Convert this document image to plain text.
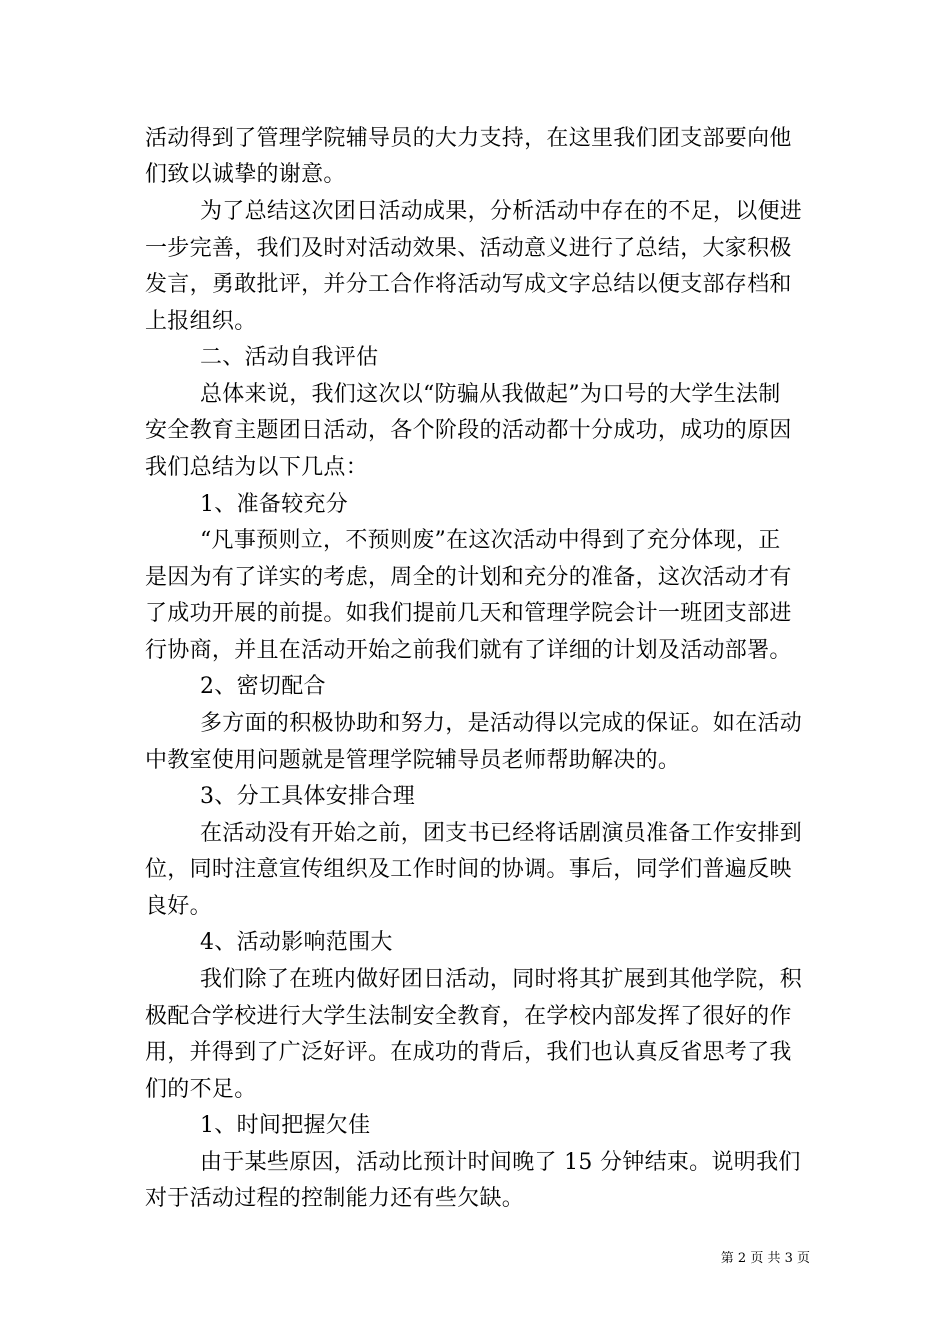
活动得到了管理学院辅导员的大力支持，在这里我们团支部要向他
们致以诚挚的谢意。
为了总结这次团日活动成果，分析活动中存在的不足，以便进
一步完善，我们及时对活动效果、活动意义进行了总结，大家积极
发言，勇敢批评，并分工合作将活动写成文字总结以便支部存档和
上报组织。
二、活动自我评估
总体来说，我们这次以“防骗从我做起”为口号的大学生法制
安全教育主题团日活动，各个阶段的活动都十分成功，成功的原因
我们总结为以下几点：
1、准备较充分
“凡事预则立，不预则废”在这次活动中得到了充分体现，正
是因为有了详实的考虑，周全的计划和充分的准备，这次活动才有
了成功开展的前提。如我们提前几天和管理学院会计一班团支部进
行协商，并且在活动开始之前我们就有了详细的计划及活动部署。
2、密切配合
多方面的积极协助和努力，是活动得以完成的保证。如在活动
中教室使用问题就是管理学院辅导员老师帮助解决的。
3、分工具体安排合理
在活动没有开始之前，团支书已经将话剧演员准备工作安排到
位，同时注意宣传组织及工作时间的协调。事后，同学们普遍反映
良好。
4、活动影响范围大
我们除了在班内做好团日活动，同时将其扩展到其他学院，积
极配合学校进行大学生法制安全教育，在学校内部发挥了很好的作
用，并得到了广泛好评。在成功的背后，我们也认真反省思考了我
们的不足。
1、时间把握欠佳
由于某些原因，活动比预计时间晚了 15 分钟结束。说明我们
对于活动过程的控制能力还有些欠缺。
第 2 页 共 3 页
